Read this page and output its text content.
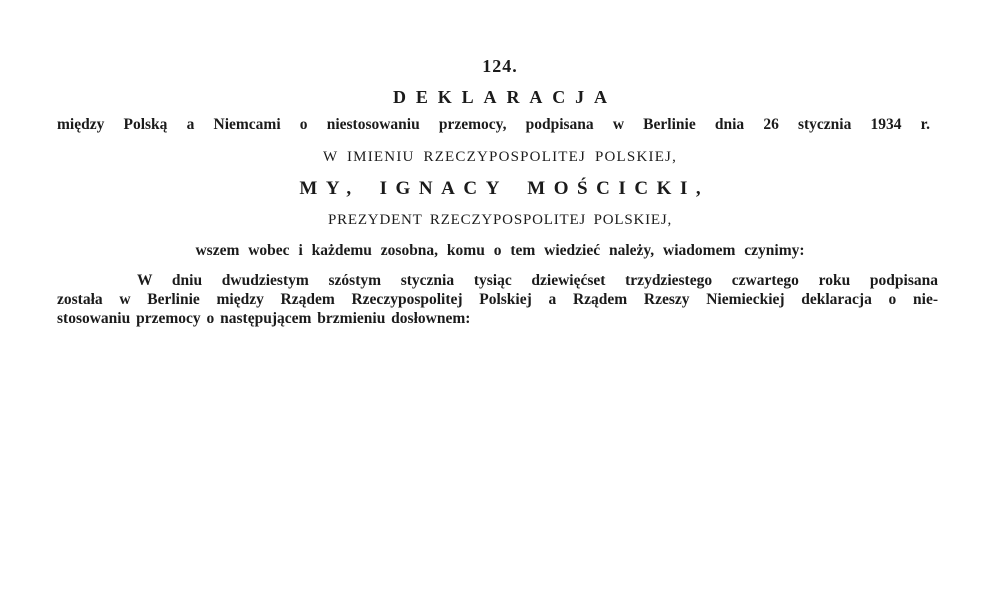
124.
DEKLARACJA
między Polską a Niemcami o niestosowaniu przemocy, podpisana w Berlinie dnia 26 stycznia 1934 r.
W IMIENIU RZECZYPOSPOLITEJ POLSKIEJ,
MY, IGNACY MOŚCICKI,
PREZYDENT RZECZYPOSPOLITEJ POLSKIEJ,
wszem wobec i każdemu zosobna, komu o tem wiedzieć należy, wiadomem czynimy:
W dniu dwudziestym szóstym stycznia tysiąc dziewięćset trzydziestego czwartego roku podpisana
została w Berlinie między Rządem Rzeczypospolitej Polskiej a Rządem Rzeszy Niemieckiej deklaracja o nie-
stosowaniu przemocy o następującem brzmieniu dosłownem:
